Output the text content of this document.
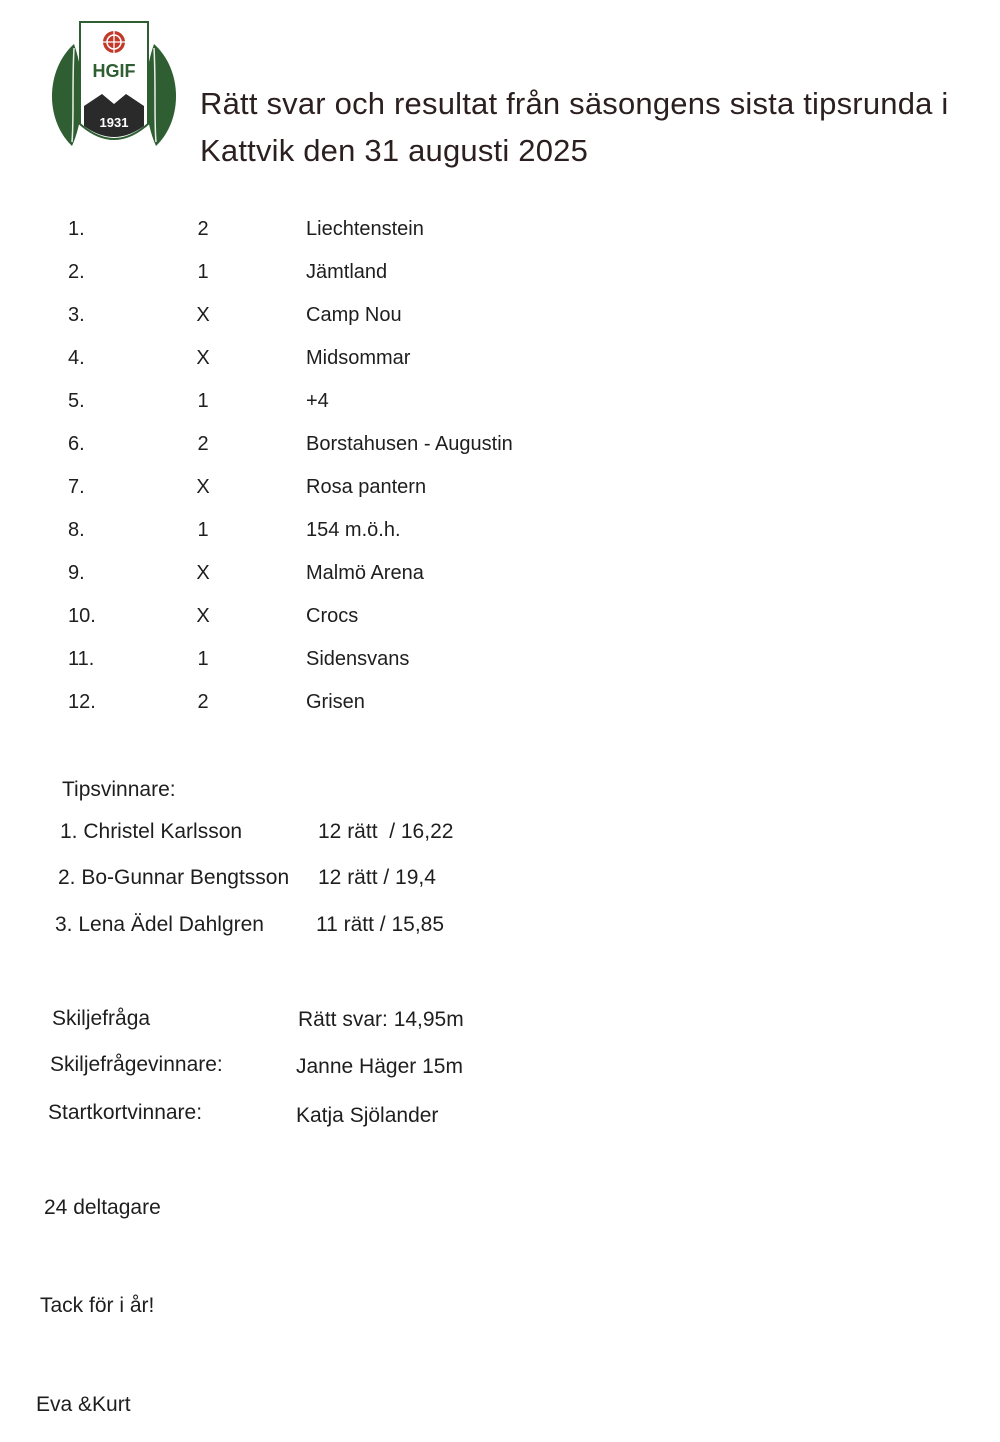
HGIF
1931
Rätt svar och resultat från säsongens sista tipsrunda i Kattvik den 31 augusti 2025
1.	2	Liechtenstein
2.	1	Jämtland
3.	X	Camp Nou
4.	X	Midsommar
5.	1	+4
6.	2	Borstahusen - Augustin
7.	X	Rosa pantern
8.	1	154 m.ö.h.
9.	X	Malmö Arena
10.	X	Crocs
11.	1	Sidensvans
12.	2	Grisen
Tipsvinnare:
1. Christel Karlsson	12 rätt  / 16,22
2. Bo-Gunnar Bengtsson 12 rätt / 19,4
3. Lena Ädel Dahlgren 11 rätt / 15,85
Skiljefråga	Rätt svar: 14,95m
Skiljefrågevinnare:	Janne Häger 15m
Startkortvinnare:	Katja Sjölander
24 deltagare
Tack för i år!
Eva &Kurt
